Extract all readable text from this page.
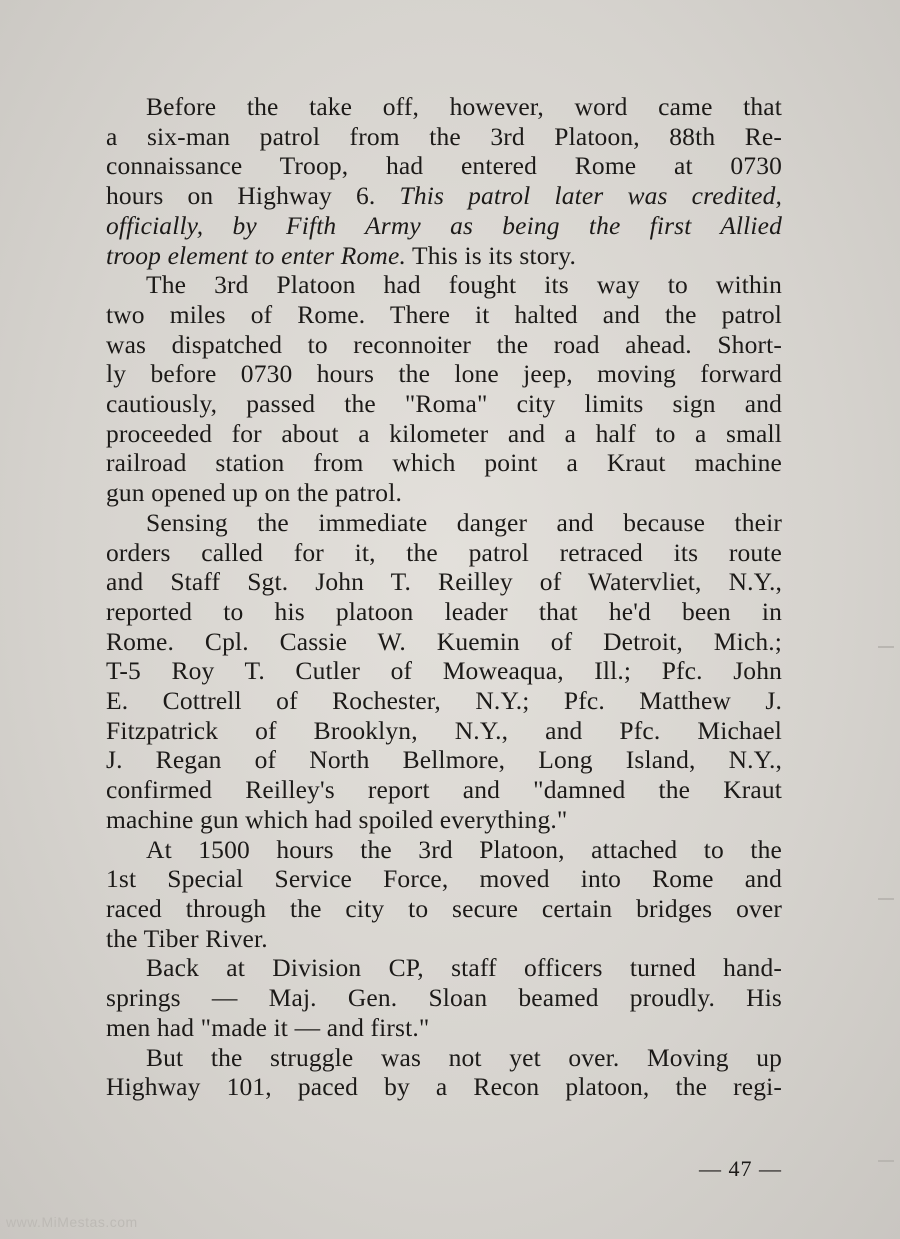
Before the take off, however, word came that
a six-man patrol from the 3rd Platoon, 88th Re-
connaissance Troop, had entered Rome at 0730
hours on Highway 6. This patrol later was credited,
officially, by Fifth Army as being the first Allied
troop element to enter Rome. This is its story.
The 3rd Platoon had fought its way to within
two miles of Rome. There it halted and the patrol
was dispatched to reconnoiter the road ahead. Short-
ly before 0730 hours the lone jeep, moving forward
cautiously, passed the "Roma" city limits sign and
proceeded for about a kilometer and a half to a small
railroad station from which point a Kraut machine
gun opened up on the patrol.
Sensing the immediate danger and because their
orders called for it, the patrol retraced its route
and Staff Sgt. John T. Reilley of Watervliet, N.Y.,
reported to his platoon leader that he'd been in
Rome. Cpl. Cassie W. Kuemin of Detroit, Mich.;
T-5 Roy T. Cutler of Moweaqua, Ill.; Pfc. John
E. Cottrell of Rochester, N.Y.; Pfc. Matthew J.
Fitzpatrick of Brooklyn, N.Y., and Pfc. Michael
J. Regan of North Bellmore, Long Island, N.Y.,
confirmed Reilley's report and "damned the Kraut
machine gun which had spoiled everything."
At 1500 hours the 3rd Platoon, attached to the
1st Special Service Force, moved into Rome and
raced through the city to secure certain bridges over
the Tiber River.
Back at Division CP, staff officers turned hand-
springs — Maj. Gen. Sloan beamed proudly. His
men had "made it — and first."
But the struggle was not yet over. Moving up
Highway 101, paced by a Recon platoon, the regi-
— 47 —
www.MiMestas.com
